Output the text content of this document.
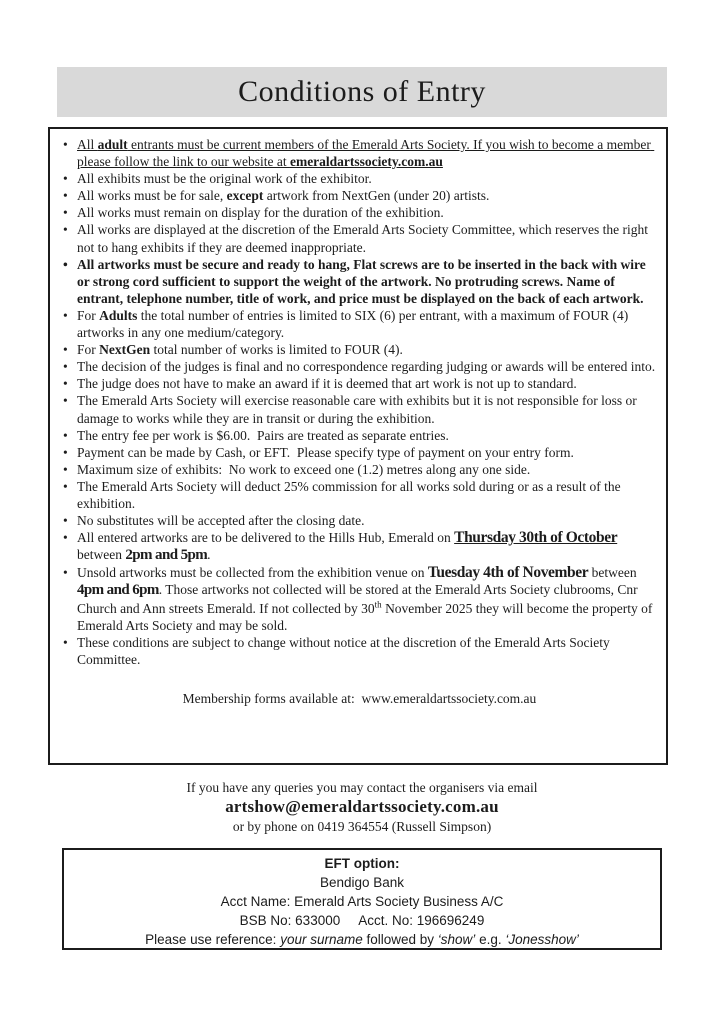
Conditions of Entry
• All adult entrants must be current members of the Emerald Arts Society. If you wish to become a member please follow the link to our website at emeraldartssociety.com.au
• All exhibits must be the original work of the exhibitor.
• All works must be for sale, except artwork from NextGen (under 20) artists.
• All works must remain on display for the duration of the exhibition.
• All works are displayed at the discretion of the Emerald Arts Society Committee, which reserves the right not to hang exhibits if they are deemed inappropriate.
• All artworks must be secure and ready to hang, Flat screws are to be inserted in the back with wire or strong cord sufficient to support the weight of the artwork. No protruding screws. Name of entrant, telephone number, title of work, and price must be displayed on the back of each artwork.
• For Adults the total number of entries is limited to SIX (6) per entrant, with a maximum of FOUR (4) artworks in any one medium/category.
• For NextGen total number of works is limited to FOUR (4).
• The decision of the judges is final and no correspondence regarding judging or awards will be entered into.
• The judge does not have to make an award if it is deemed that art work is not up to standard.
• The Emerald Arts Society will exercise reasonable care with exhibits but it is not responsible for loss or damage to works while they are in transit or during the exhibition.
• The entry fee per work is $6.00.  Pairs are treated as separate entries.
• Payment can be made by Cash, or EFT.  Please specify type of payment on your entry form.
• Maximum size of exhibits:  No work to exceed one (1.2) metres along any one side.
• The Emerald Arts Society will deduct 25% commission for all works sold during or as a result of the exhibition.
• No substitutes will be accepted after the closing date.
• All entered artworks are to be delivered to the Hills Hub, Emerald on Thursday 30th of October between 2pm and 5pm.
• Unsold artworks must be collected from the exhibition venue on Tuesday 4th of November between 4pm and 6pm. Those artworks not collected will be stored at the Emerald Arts Society clubrooms, Cnr Church and Ann streets Emerald. If not collected by 30th November 2025 they will become the property of Emerald Arts Society and may be sold.
• These conditions are subject to change without notice at the discretion of the Emerald Arts Society Committee.
Membership forms available at:  www.emeraldartssociety.com.au
If you have any queries you may contact the organisers via email
artshow@emeraldartssociety.com.au
or by phone on 0419 364554 (Russell Simpson)
EFT option:
Bendigo Bank
Acct Name: Emerald Arts Society Business A/C
BSB No: 633000     Acct. No: 196696249
Please use reference: your surname followed by ‘show’ e.g. ‘Jonesshow’
